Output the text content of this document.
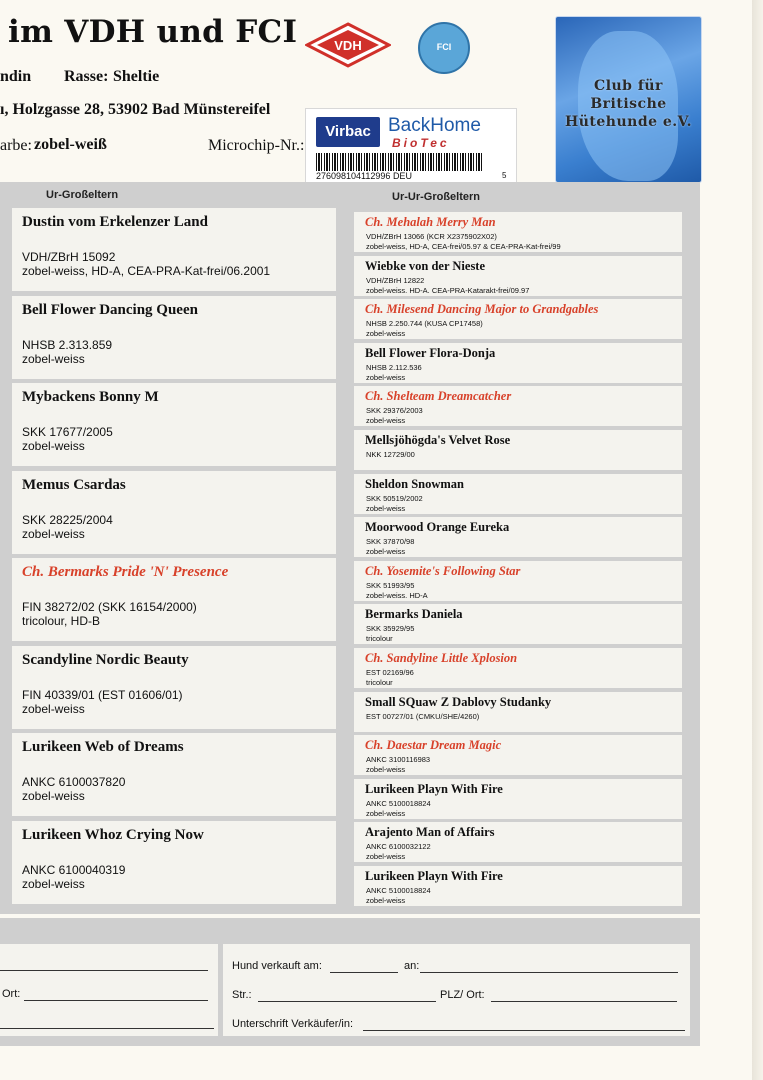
im VDH und FCI
ndin Rasse: Sheltie
ı, Holzgasse 28, 53902 Bad Münstereifel
arbe: zobel-weiß	Microchip-Nr.:
VDH	FCI
Club für Britische Hütehunde e.V.
Virbac BackHome
BioTec
276098104112996 DEU	5
Ur-Großeltern	Ur-Ur-Großeltern
Dustin vom Erkelenzer Land
VDH/ZBrH 15092
zobel-weiss, HD-A, CEA-PRA-Kat-frei/06.2001
Bell Flower Dancing Queen
NHSB 2.313.859
zobel-weiss
Mybackens Bonny M
SKK 17677/2005
zobel-weiss
Memus Csardas
SKK 28225/2004
zobel-weiss
Ch. Bermarks Pride 'N' Presence
FIN 38272/02 (SKK 16154/2000)
tricolour, HD-B
Scandyline Nordic Beauty
FIN 40339/01 (EST 01606/01)
zobel-weiss
Lurikeen Web of Dreams
ANKC 6100037820
zobel-weiss
Lurikeen Whoz Crying Now
ANKC 6100040319
zobel-weiss
Ch. Mehalah Merry Man
VDH/ZBrH 13066 (KCR X2375902X02)
zobel-weiss, HD-A, CEA-frei/05.97 & CEA-PRA-Kat-frei/99
Wiebke von der Nieste
VDH/ZBrH 12822
zobel-weiss. HD-A. CEA-PRA-Katarakt-frei/09.97
Ch. Milesend Dancing Major to Grandgables
NHSB 2.250.744 (KUSA CP17458)
zobel-weiss
Bell Flower Flora-Donja
NHSB 2.112.536
zobel-weiss
Ch. Shelteam Dreamcatcher
SKK 29376/2003
zobel-weiss
Mellsjöhögda's Velvet Rose
NKK 12729/00
Sheldon Snowman
SKK 50519/2002
zobel-weiss
Moorwood Orange Eureka
SKK 37870/98
zobel-weiss
Ch. Yosemite's Following Star
SKK 51993/95
zobel-weiss. HD-A
Bermarks Daniela
SKK 35929/95
tricolour
Ch. Sandyline Little Xplosion
EST 02169/96
tricolour
Small SQuaw Z Dablovy Studanky
EST 00727/01 (CMKU/SHE/4260)
Ch. Daestar Dream Magic
ANKC 3100116983
zobel-weiss
Lurikeen Playn With Fire
ANKC 5100018824
zobel-weiss
Arajento Man of Affairs
ANKC 6100032122
zobel-weiss
Lurikeen Playn With Fire
ANKC 5100018824
zobel-weiss
Ort:
Hund verkauft am:	an:
Str.:	PLZ/ Ort:
Unterschrift Verkäufer/in:
